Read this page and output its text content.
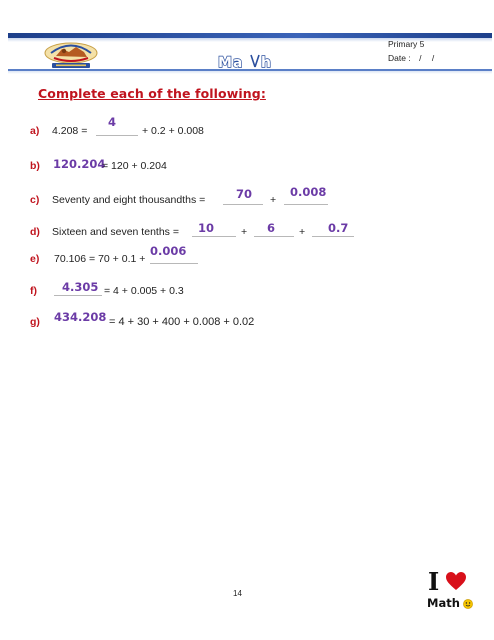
Ma h
Primary 5
Date : / /
Complete each of the following:
a) 4.208 =
4
+ 0.2 + 0.008
b) 120.204
= 120 + 0.204
c) Seventy and eight thousandths =	70 +
0.008
d) Sixteen and seven tenths = 10	+ 6 + 0.7
e) 70.106 = 70 + 0.1 +
0.006
f) 4.305 = 4 + 0.005 + 0.3
g) 434.208 = 4 + 30 + 400 + 0.008 + 0.02
14	I
Math
